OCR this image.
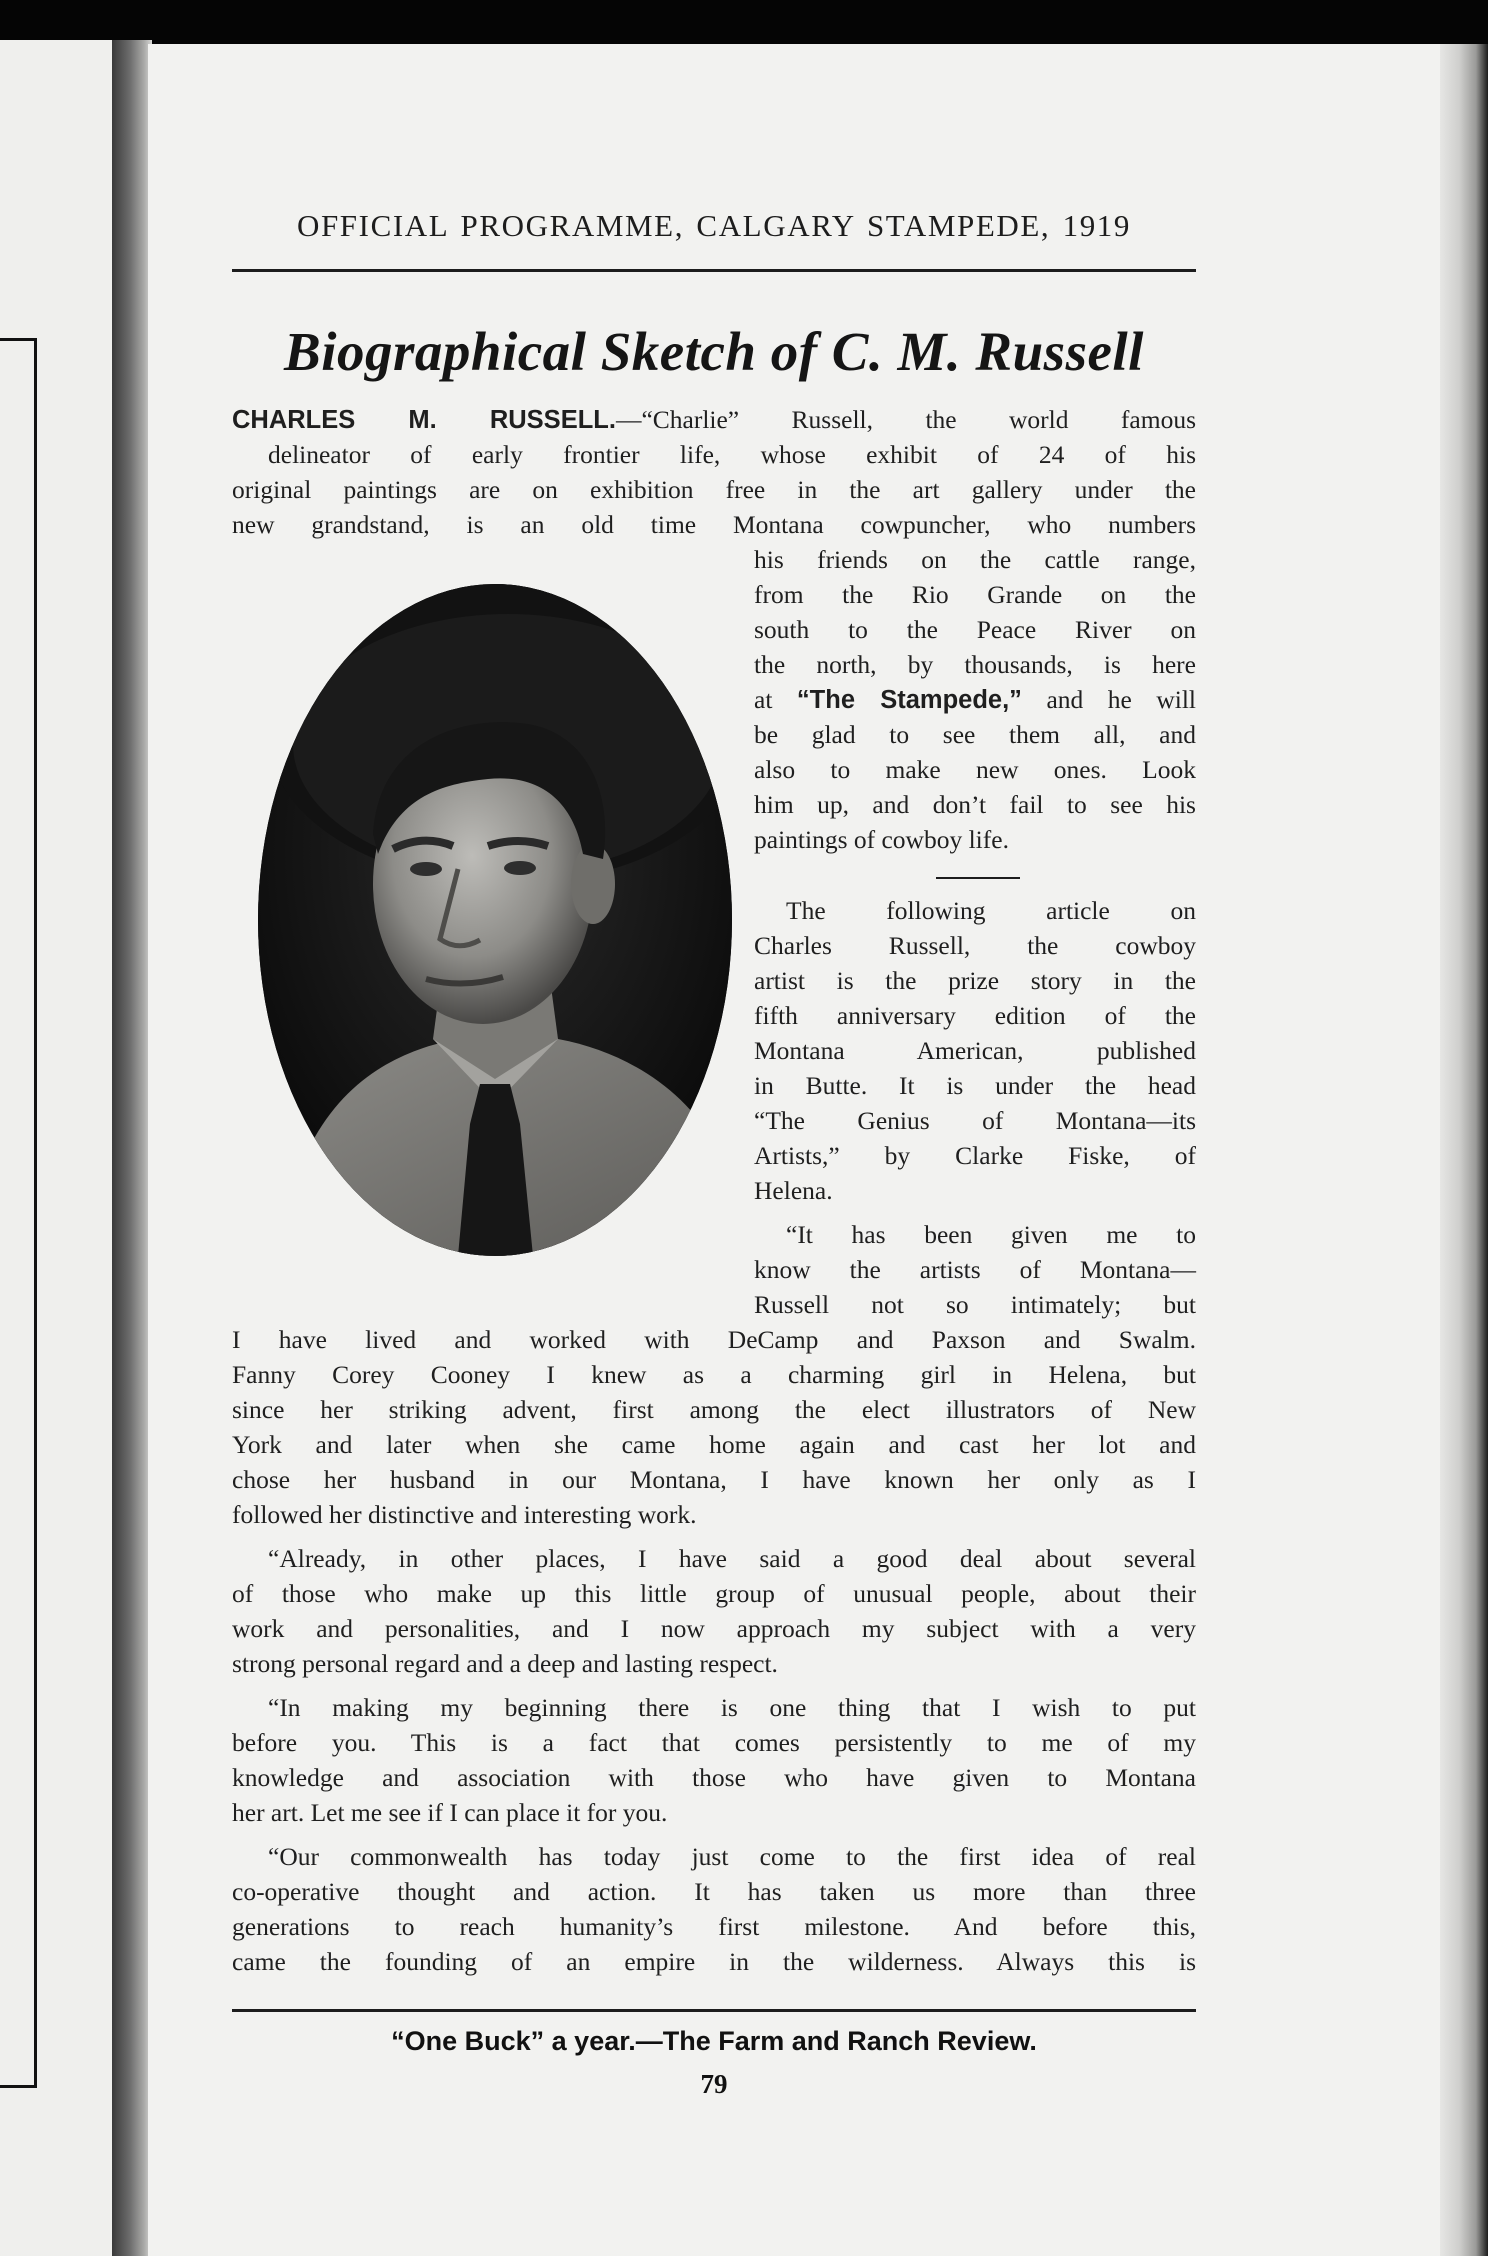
OFFICIAL PROGRAMME, CALGARY STAMPEDE, 1919
Biographical Sketch of C. M. Russell
CHARLES M. RUSSELL.—“Charlie” Russell, the world famous
delineator of early frontier life, whose exhibit of 24 of his
original paintings are on exhibition free in the art gallery under the
new grandstand, is an old time Montana cowpuncher, who numbers
his friends on the cattle range,
from the Rio Grande on the
south to the Peace River on
the north, by thousands, is here
at “The Stampede,” and he will
be glad to see them all, and
also to make new ones. Look
him up, and don’t fail to see his
paintings of cowboy life.
The following article on
Charles Russell, the cowboy
artist is the prize story in the
fifth anniversary edition of the
Montana American, published
in Butte. It is under the head
“The Genius of Montana—its
Artists,” by Clarke Fiske, of
Helena.
“It has been given me to
know the artists of Montana—
Russell not so intimately; but
I have lived and worked with DeCamp and Paxson and Swalm.
Fanny Corey Cooney I knew as a charming girl in Helena, but
since her striking advent, first among the elect illustrators of New
York and later when she came home again and cast her lot and
chose her husband in our Montana, I have known her only as I
followed her distinctive and interesting work.
“Already, in other places, I have said a good deal about several
of those who make up this little group of unusual people, about their
work and personalities, and I now approach my subject with a very
strong personal regard and a deep and lasting respect.
“In making my beginning there is one thing that I wish to put
before you. This is a fact that comes persistently to me of my
knowledge and association with those who have given to Montana
her art. Let me see if I can place it for you.
“Our commonwealth has today just come to the first idea of real
co-operative thought and action. It has taken us more than three
generations to reach humanity’s first milestone. And before this,
came the founding of an empire in the wilderness. Always this is
“One Buck” a year.—The Farm and Ranch Review.
79
